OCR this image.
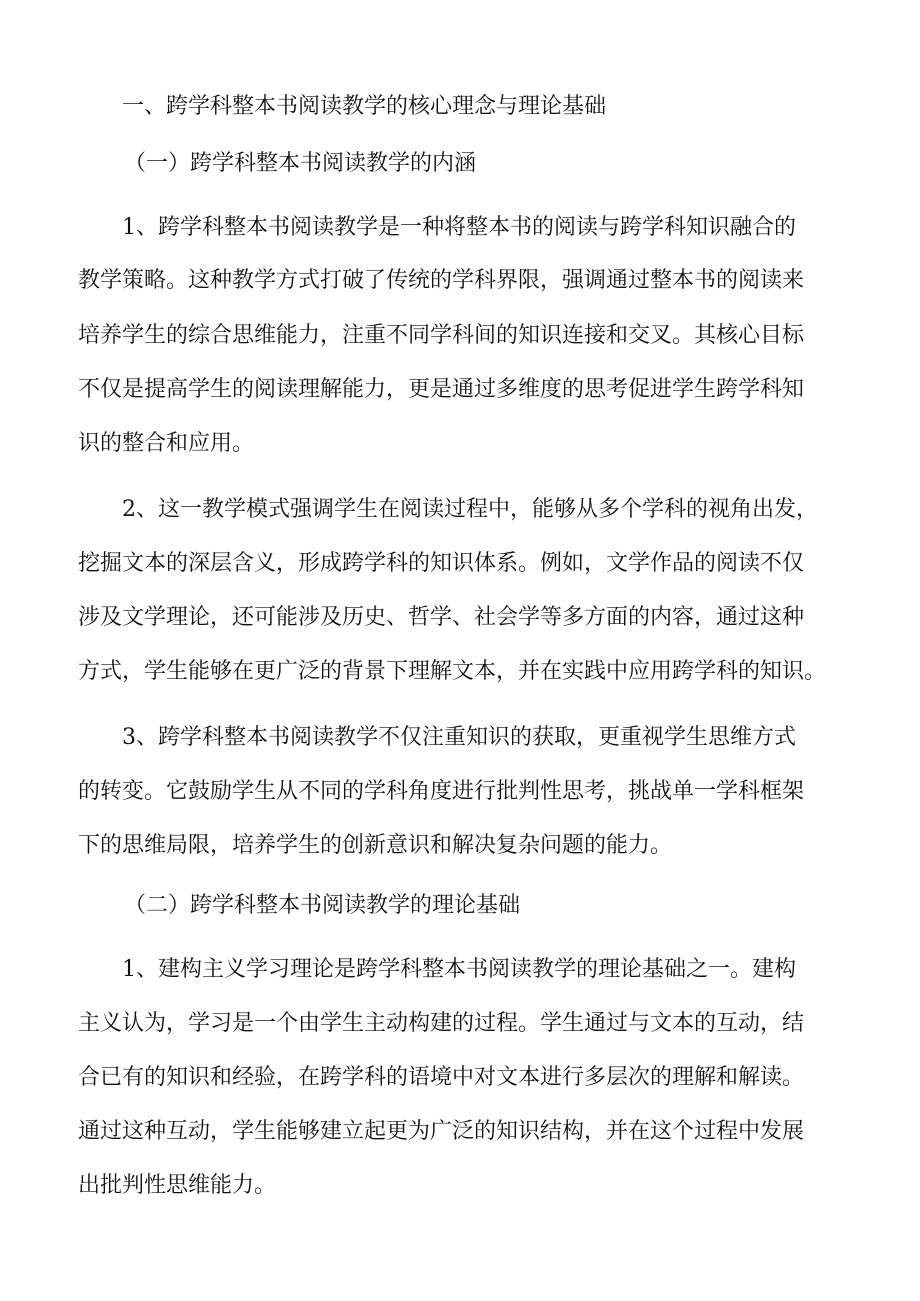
一、跨学科整本书阅读教学的核心理念与理论基础
（一）跨学科整本书阅读教学的内涵
1、跨学科整本书阅读教学是一种将整本书的阅读与跨学科知识融合的
教学策略。这种教学方式打破了传统的学科界限，强调通过整本书的阅读来
培养学生的综合思维能力，注重不同学科间的知识连接和交叉。其核心目标
不仅是提高学生的阅读理解能力，更是通过多维度的思考促进学生跨学科知
识的整合和应用。
2、这一教学模式强调学生在阅读过程中，能够从多个学科的视角出发，
挖掘文本的深层含义，形成跨学科的知识体系。例如，文学作品的阅读不仅
涉及文学理论，还可能涉及历史、哲学、社会学等多方面的内容，通过这种
方式，学生能够在更广泛的背景下理解文本，并在实践中应用跨学科的知识。
3、跨学科整本书阅读教学不仅注重知识的获取，更重视学生思维方式
的转变。它鼓励学生从不同的学科角度进行批判性思考，挑战单一学科框架
下的思维局限，培养学生的创新意识和解决复杂问题的能力。
（二）跨学科整本书阅读教学的理论基础
1、建构主义学习理论是跨学科整本书阅读教学的理论基础之一。建构
主义认为，学习是一个由学生主动构建的过程。学生通过与文本的互动，结
合已有的知识和经验，在跨学科的语境中对文本进行多层次的理解和解读。
通过这种互动，学生能够建立起更为广泛的知识结构，并在这个过程中发展
出批判性思维能力。
